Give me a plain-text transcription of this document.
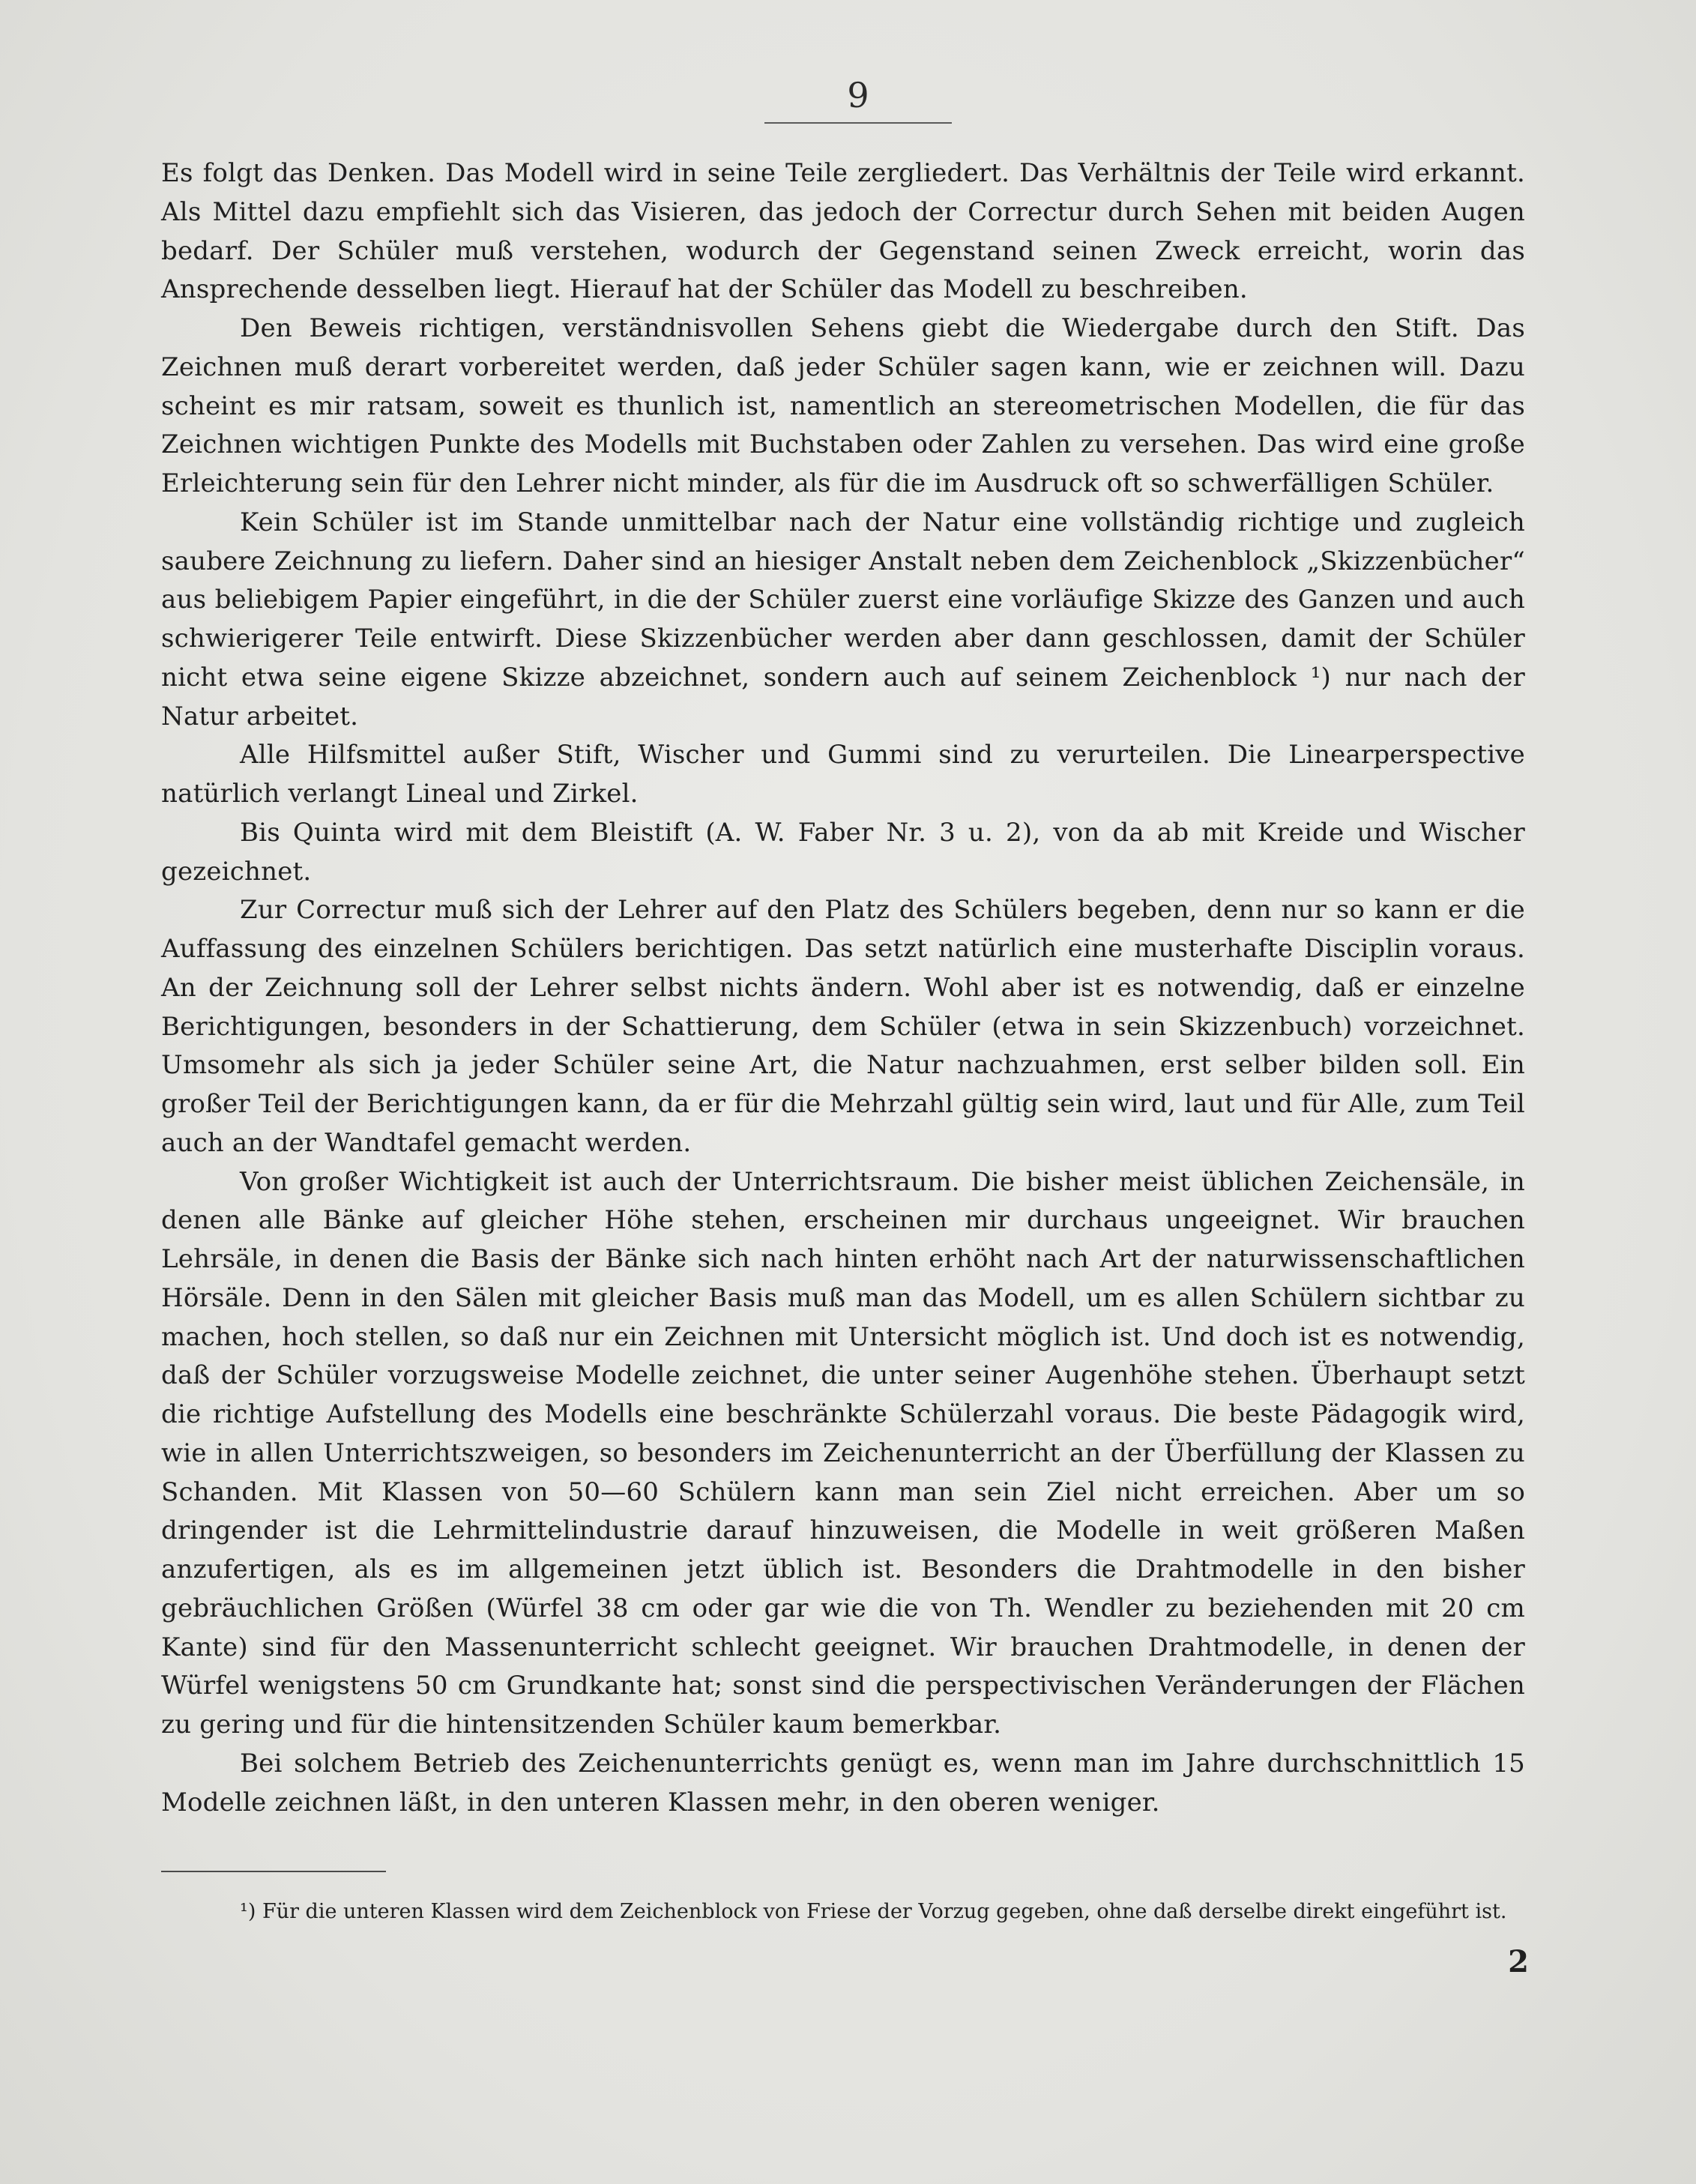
9

Es folgt das Denken. Das Modell wird in seine Teile zergliedert. Das Verhältnis der Teile wird erkannt. Als Mittel dazu empfiehlt sich das Visieren, das jedoch der Correctur durch Sehen mit beiden Augen bedarf. Der Schüler muß verstehen, wodurch der Gegenstand seinen Zweck erreicht, worin das Ansprechende desselben liegt. Hierauf hat der Schüler das Modell zu beschreiben.

Den Beweis richtigen, verständnisvollen Sehens giebt die Wiedergabe durch den Stift. Das Zeichnen muß derart vorbereitet werden, daß jeder Schüler sagen kann, wie er zeichnen will. Dazu scheint es mir ratsam, soweit es thunlich ist, namentlich an stereometrischen Modellen, die für das Zeichnen wichtigen Punkte des Modells mit Buchstaben oder Zahlen zu versehen. Das wird eine große Erleichterung sein für den Lehrer nicht minder, als für die im Ausdruck oft so schwerfälligen Schüler.

Kein Schüler ist im Stande unmittelbar nach der Natur eine vollständig richtige und zugleich saubere Zeichnung zu liefern. Daher sind an hiesiger Anstalt neben dem Zeichenblock „Skizzenbücher“ aus beliebigem Papier eingeführt, in die der Schüler zuerst eine vorläufige Skizze des Ganzen und auch schwierigerer Teile entwirft. Diese Skizzenbücher werden aber dann geschlossen, damit der Schüler nicht etwa seine eigene Skizze abzeichnet, sondern auch auf seinem Zeichenblock ¹) nur nach der Natur arbeitet.

Alle Hilfsmittel außer Stift, Wischer und Gummi sind zu verurteilen. Die Linearperspective natürlich verlangt Lineal und Zirkel.

Bis Quinta wird mit dem Bleistift (A. W. Faber Nr. 3 u. 2), von da ab mit Kreide und Wischer gezeichnet.

Zur Correctur muß sich der Lehrer auf den Platz des Schülers begeben, denn nur so kann er die Auffassung des einzelnen Schülers berichtigen. Das setzt natürlich eine musterhafte Disciplin voraus. An der Zeichnung soll der Lehrer selbst nichts ändern. Wohl aber ist es notwendig, daß er einzelne Berichtigungen, besonders in der Schattierung, dem Schüler (etwa in sein Skizzenbuch) vorzeichnet. Umsomehr als sich ja jeder Schüler seine Art, die Natur nachzuahmen, erst selber bilden soll. Ein großer Teil der Berichtigungen kann, da er für die Mehrzahl gültig sein wird, laut und für Alle, zum Teil auch an der Wandtafel gemacht werden.

Von großer Wichtigkeit ist auch der Unterrichtsraum. Die bisher meist üblichen Zeichensäle, in denen alle Bänke auf gleicher Höhe stehen, erscheinen mir durchaus ungeeignet. Wir brauchen Lehrsäle, in denen die Basis der Bänke sich nach hinten erhöht nach Art der naturwissenschaftlichen Hörsäle. Denn in den Sälen mit gleicher Basis muß man das Modell, um es allen Schülern sichtbar zu machen, hoch stellen, so daß nur ein Zeichnen mit Untersicht möglich ist. Und doch ist es notwendig, daß der Schüler vorzugsweise Modelle zeichnet, die unter seiner Augenhöhe stehen. Überhaupt setzt die richtige Aufstellung des Modells eine beschränkte Schülerzahl voraus. Die beste Pädagogik wird, wie in allen Unterrichtszweigen, so besonders im Zeichenunterricht an der Überfüllung der Klassen zu Schanden. Mit Klassen von 50—60 Schülern kann man sein Ziel nicht erreichen. Aber um so dringender ist die Lehrmittelindustrie darauf hinzuweisen, die Modelle in weit größeren Maßen anzufertigen, als es im allgemeinen jetzt üblich ist. Besonders die Drahtmodelle in den bisher gebräuchlichen Größen (Würfel 38 cm oder gar wie die von Th. Wendler zu beziehenden mit 20 cm Kante) sind für den Massenunterricht schlecht geeignet. Wir brauchen Drahtmodelle, in denen der Würfel wenigstens 50 cm Grundkante hat; sonst sind die perspectivischen Veränderungen der Flächen zu gering und für die hintensitzenden Schüler kaum bemerkbar.

Bei solchem Betrieb des Zeichenunterrichts genügt es, wenn man im Jahre durchschnittlich 15 Modelle zeichnen läßt, in den unteren Klassen mehr, in den oberen weniger.

¹) Für die unteren Klassen wird dem Zeichenblock von Friese der Vorzug gegeben, ohne daß derselbe direkt eingeführt ist.
2
